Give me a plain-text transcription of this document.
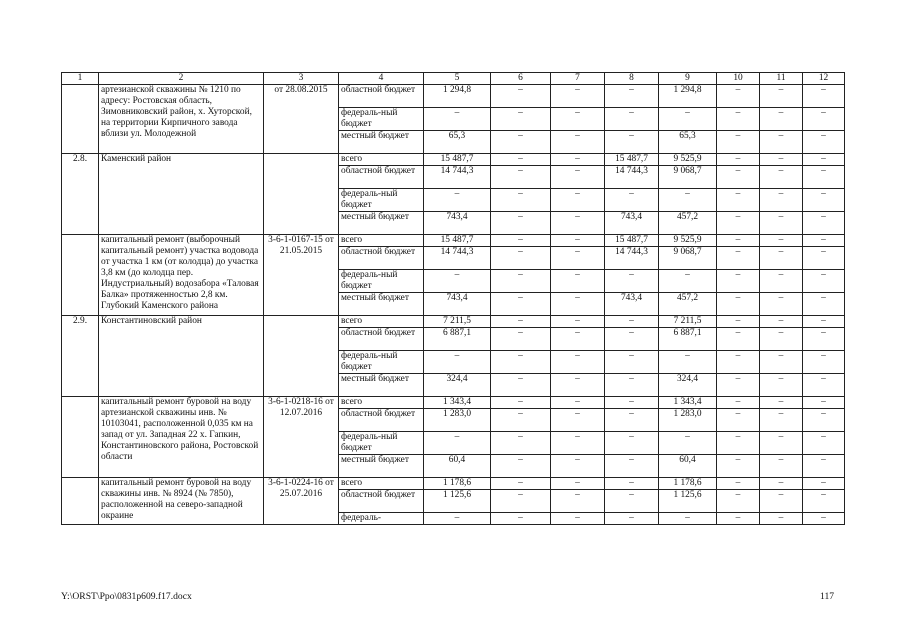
1	2	3	4	5	6	7	8	9	10	11	12
	артезианской скважины № 1210 по адресу: Ростовская область, Зимовниковский район, х. Хуторской, на территории Кирпичного завода вблизи ул. Молодежной	от 28.08.2015	областной бюджет	1 294,8	–	–	–	1 294,8	–	–	–
			федераль-ный бюджет	–	–	–	–	–	–	–	–
			местный бюджет	65,3	–	–	–	65,3	–	–	–
2.8.	Каменский район		всего	15 487,7	–	–	15 487,7	9 525,9	–	–	–
			областной бюджет	14 744,3	–	–	14 744,3	9 068,7	–	–	–
			федераль-ный бюджет	–	–	–	–	–	–	–	–
			местный бюджет	743,4	–	–	743,4	457,2	–	–	–
	капитальный ремонт (выборочный капитальный ремонт) участка водовода от участка 1 км (от колодца) до участка 3,8 км (до колодца пер. Индустриальный) водозабора «Таловая Балка» протяженностью 2,8 км. Глубокий Каменского района	3-6-1-0167-15 от 21.05.2015	всего	15 487,7	–	–	15 487,7	9 525,9	–	–	–
			областной бюджет	14 744,3	–	–	14 744,3	9 068,7	–	–	–
			федераль-ный бюджет	–	–	–	–	–	–	–	–
			местный бюджет	743,4	–	–	743,4	457,2	–	–	–
2.9.	Константиновский район		всего	7 211,5	–	–	–	7 211,5	–	–	–
			областной бюджет	6 887,1	–	–	–	6 887,1	–	–	–
			федераль-ный бюджет	–	–	–	–	–	–	–	–
			местный бюджет	324,4	–	–	–	324,4	–	–	–
	капитальный ремонт буровой на воду артезианской скважины инв. № 10103041, расположенной 0,035 км на запад от ул. Западная 22 х. Гапкин, Константиновского района, Ростовской области	3-6-1-0218-16 от 12.07.2016	всего	1 343,4	–	–	–	1 343,4	–	–	–
			областной бюджет	1 283,0	–	–	–	1 283,0	–	–	–
			федераль-ный бюджет	–	–	–	–	–	–	–	–
			местный бюджет	60,4	–	–	–	60,4	–	–	–
	капитальный ремонт буровой на воду скважины инв. № 8924 (№ 7850), расположенной на северо-западной окраине	3-6-1-0224-16 от 25.07.2016	всего	1 178,6	–	–	–	1 178,6	–	–	–
			областной бюджет	1 125,6	–	–	–	1 125,6	–	–	–
			федераль-	–	–	–	–	–	–	–	–
Y:\ORST\Ppo\0831p609.f17.docx	117
